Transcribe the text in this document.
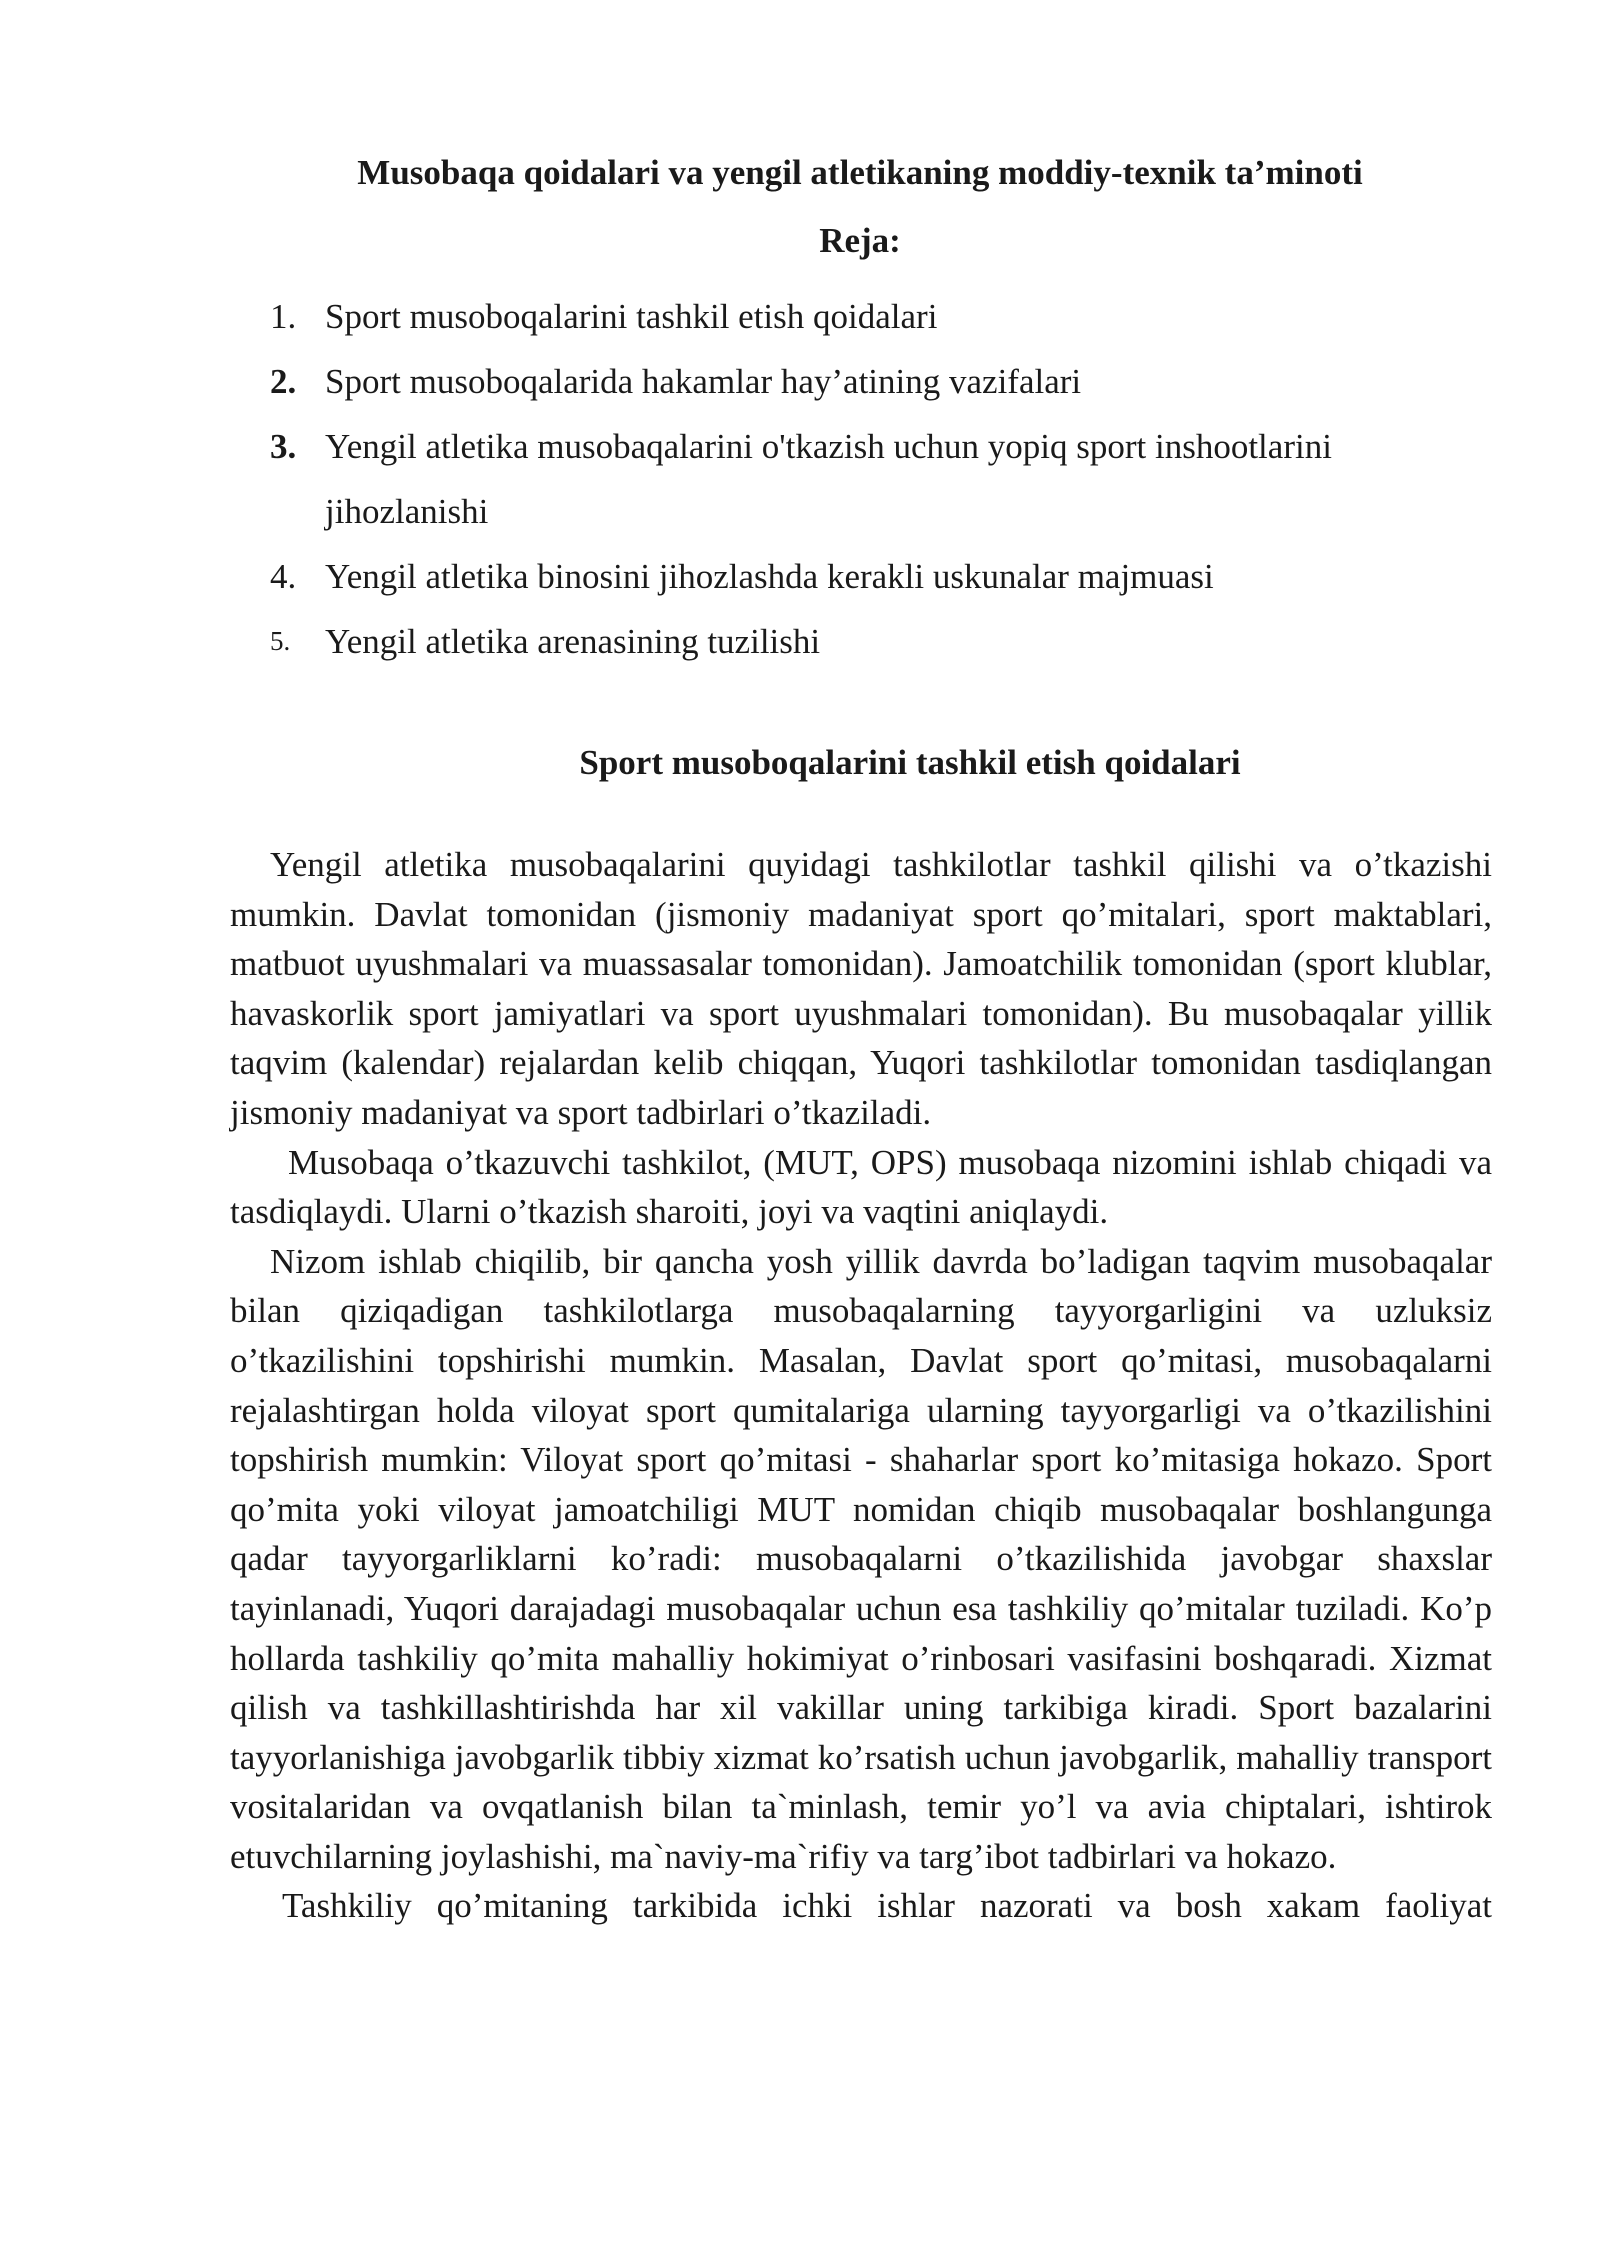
Musobaqa qoidalari va yengil atletikaning moddiy-texnik ta’minoti
Reja:
1. Sport musoboqalarini tashkil etish qoidalari
2. Sport musoboqalarida hakamlar hay’atining vazifalari
3. Yengil atletika musobaqalarini o'tkazish uchun yopiq sport inshootlarini jihozlanishi
4. Yengil atletika binosini jihozlashda kerakli uskunalar majmuasi
5. Yengil atletika arenasining tuzilishi
Sport musoboqalarini tashkil etish qoidalari

Yengil atletika musobaqalarini quyidagi tashkilotlar tashkil qilishi va o’tkazishi mumkin. Davlat tomonidan (jismoniy madaniyat sport qo’mitalari, sport maktablari, matbuot uyushmalari va muassasalar tomonidan). Jamoatchilik tomonidan (sport klublar, havaskorlik sport jamiyatlari va sport uyushmalari tomonidan). Bu musobaqalar yillik taqvim (kalendar) rejalardan kelib chiqqan, Yuqori tashkilotlar tomonidan tasdiqlangan jismoniy madaniyat va sport tadbirlari o’tkaziladi.

Musobaqa o’tkazuvchi tashkilot, (MUT, OPS) musobaqa nizomini ishlab chiqadi va tasdiqlaydi. Ularni o’tkazish sharoiti, joyi va vaqtini aniqlaydi.

Nizom ishlab chiqilib, bir qancha yosh yillik davrda bo’ladigan taqvim musobaqalar bilan qiziqadigan tashkilotlarga musobaqalarning tayyorgarligini va uzluksiz o’tkazilishini topshirishi mumkin. Masalan, Davlat sport qo’mitasi, musobaqalarni rejalashtirgan holda viloyat sport qumitalariga ularning tayyorgarligi va o’tkazilishini topshirish mumkin: Viloyat sport qo’mitasi - shaharlar sport ko’mitasiga hokazo. Sport qo’mita yoki viloyat jamoatchiligi MUT nomidan chiqib musobaqalar boshlangunga qadar tayyorgarliklarni ko’radi: musobaqalarni o’tkazilishida javobgar shaxslar tayinlanadi, Yuqori darajadagi musobaqalar uchun esa tashkiliy qo’mitalar tuziladi. Ko’p hollarda tashkiliy qo’mita mahalliy hokimiyat o’rinbosari vasifasini boshqaradi. Xizmat qilish va tashkillashtirishda har xil vakillar uning tarkibiga kiradi. Sport bazalarini tayyorlanishiga javobgarlik tibbiy xizmat ko’rsatish uchun javobgarlik, mahalliy transport vositalaridan va ovqatlanish bilan ta`minlash, temir yo’l va avia chiptalari, ishtirok etuvchilarning joylashishi, ma`naviy-ma`rifiy va targ’ibot tadbirlari va hokazo.

Tashkiliy qo’mitaning tarkibida ichki ishlar nazorati va bosh xakam faoliyat
